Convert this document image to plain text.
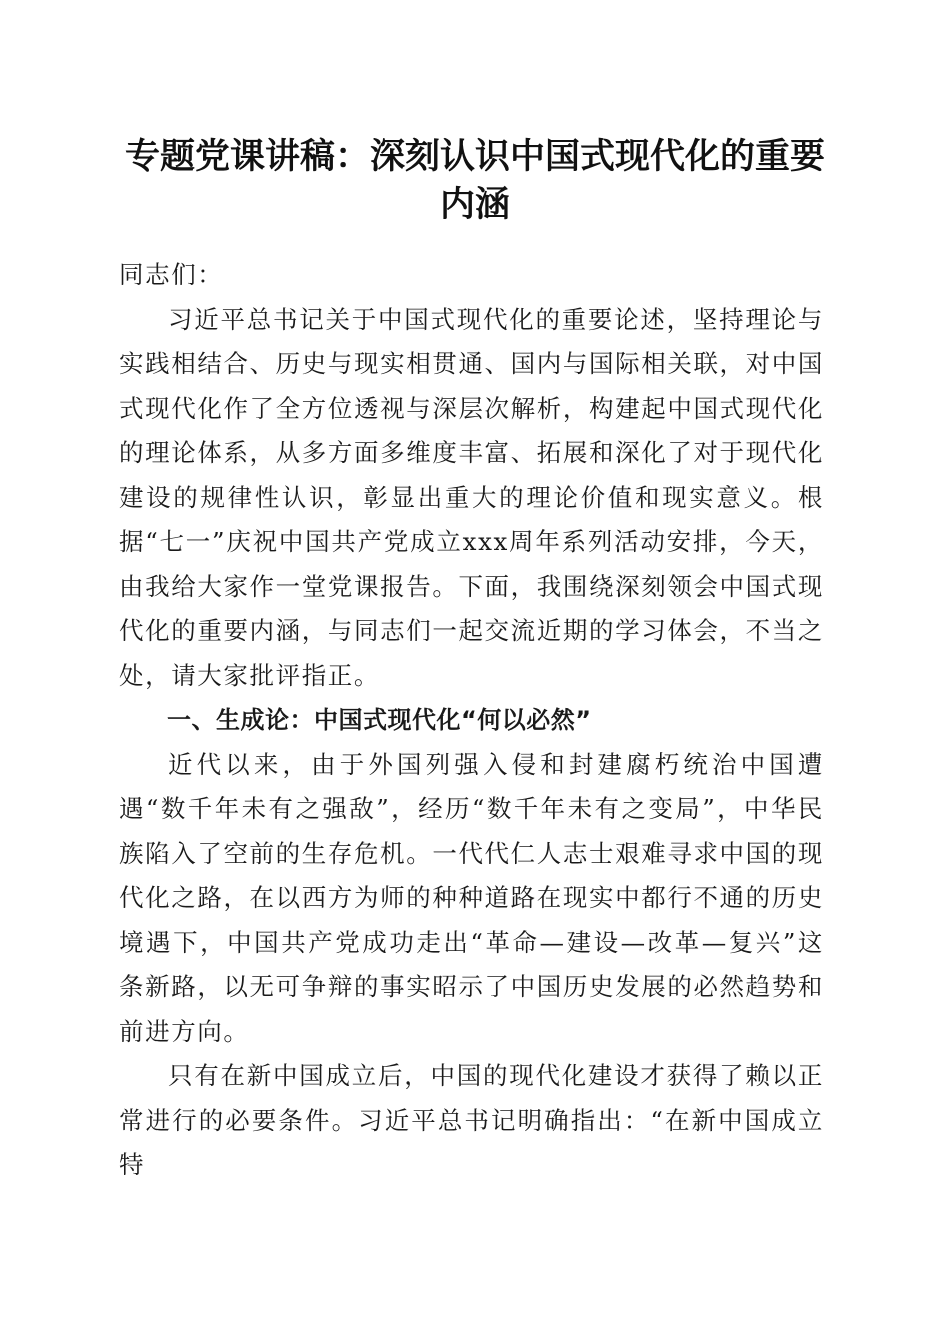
专题党课讲稿：深刻认识中国式现代化的重要内涵

同志们：

习近平总书记关于中国式现代化的重要论述，坚持理论与实践相结合、历史与现实相贯通、国内与国际相关联，对中国式现代化作了全方位透视与深层次解析，构建起中国式现代化的理论体系，从多方面多维度丰富、拓展和深化了对于现代化建设的规律性认识，彰显出重大的理论价值和现实意义。根据“七一”庆祝中国共产党成立xxx周年系列活动安排，今天，由我给大家作一堂党课报告。下面，我围绕深刻领会中国式现代化的重要内涵，与同志们一起交流近期的学习体会，不当之处，请大家批评指正。

一、生成论：中国式现代化“何以必然”

近代以来，由于外国列强入侵和封建腐朽统治中国遭遇“数千年未有之强敌”，经历“数千年未有之变局”，中华民族陷入了空前的生存危机。一代代仁人志士艰难寻求中国的现代化之路，在以西方为师的种种道路在现实中都行不通的历史境遇下，中国共产党成功走出“革命—建设—改革—复兴”这条新路，以无可争辩的事实昭示了中国历史发展的必然趋势和前进方向。

只有在新中国成立后，中国的现代化建设才获得了赖以正常进行的必要条件。习近平总书记明确指出：“在新中国成立特
